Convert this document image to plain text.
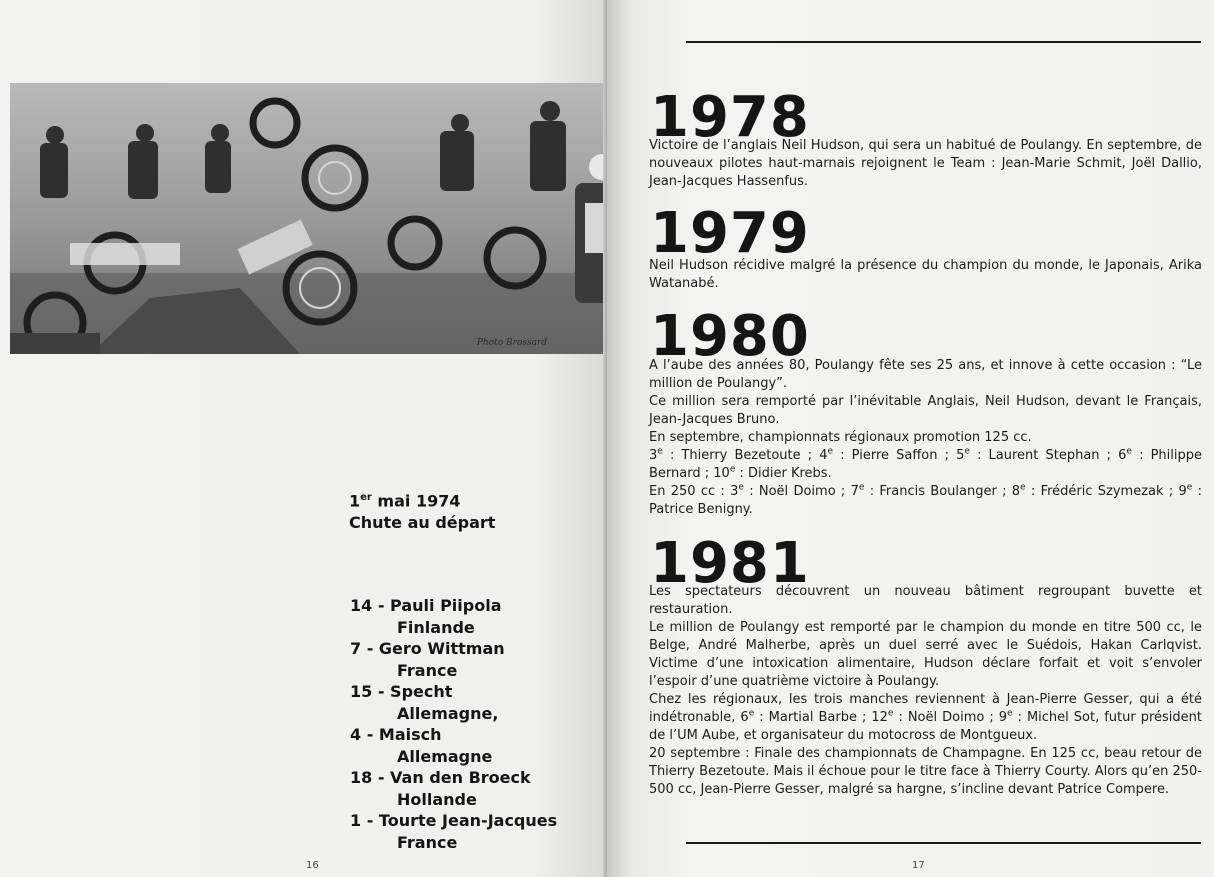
Photo Brossard
1er mai 1974
Chute au départ
14 - Pauli Piipola
Finlande
7 - Gero Wittman
France
15 - Specht
Allemagne,
4 - Maisch
Allemagne
18 - Van den Broeck
Hollande
1 - Tourte Jean-Jacques
France
16
1978

Victoire de l’anglais Neil Hudson, qui sera un habitué de Poulangy. En septembre, de nouveaux pilotes haut-marnais rejoignent le Team : Jean-Marie Schmit, Joël Dallio, Jean-Jacques Hassenfus.

1979

Neil Hudson récidive malgré la présence du champion du monde, le Japonais, Arika Watanabé.

1980

A l’aube des années 80, Poulangy fête ses 25 ans, et innove à cette occasion : “Le million de Poulangy”.

Ce million sera remporté par l’inévitable Anglais, Neil Hudson, devant le Français, Jean-Jacques Bruno.

En septembre, championnats régionaux promotion 125 cc.

3e : Thierry Bezetoute ; 4e : Pierre Saffon ; 5e : Laurent Stephan ; 6e : Philippe Bernard ; 10e : Didier Krebs.

En 250 cc : 3e : Noël Doimo ; 7e : Francis Boulanger ; 8e : Frédéric Szymezak ; 9e : Patrice Benigny.

1981

Les spectateurs découvrent un nouveau bâtiment regroupant buvette et restauration.

Le million de Poulangy est remporté par le champion du monde en titre 500 cc, le Belge, André Malherbe, après un duel serré avec le Suédois, Hakan Carlqvist. Victime d’une intoxication alimentaire, Hudson déclare forfait et voit s’envoler l’espoir d’une quatrième victoire à Poulangy.

Chez les régionaux, les trois manches reviennent à Jean-Pierre Gesser, qui a été indétronable, 6e : Martial Barbe ; 12e : Noël Doimo ; 9e : Michel Sot, futur président de l’UM Aube, et organisateur du motocross de Montgueux.

20 septembre : Finale des championnats de Champagne. En 125 cc, beau retour de Thierry Bezetoute. Mais il échoue pour le titre face à Thierry Courty. Alors qu’en 250-500 cc, Jean-Pierre Gesser, malgré sa hargne, s’incline devant Patrice Compere.

17
